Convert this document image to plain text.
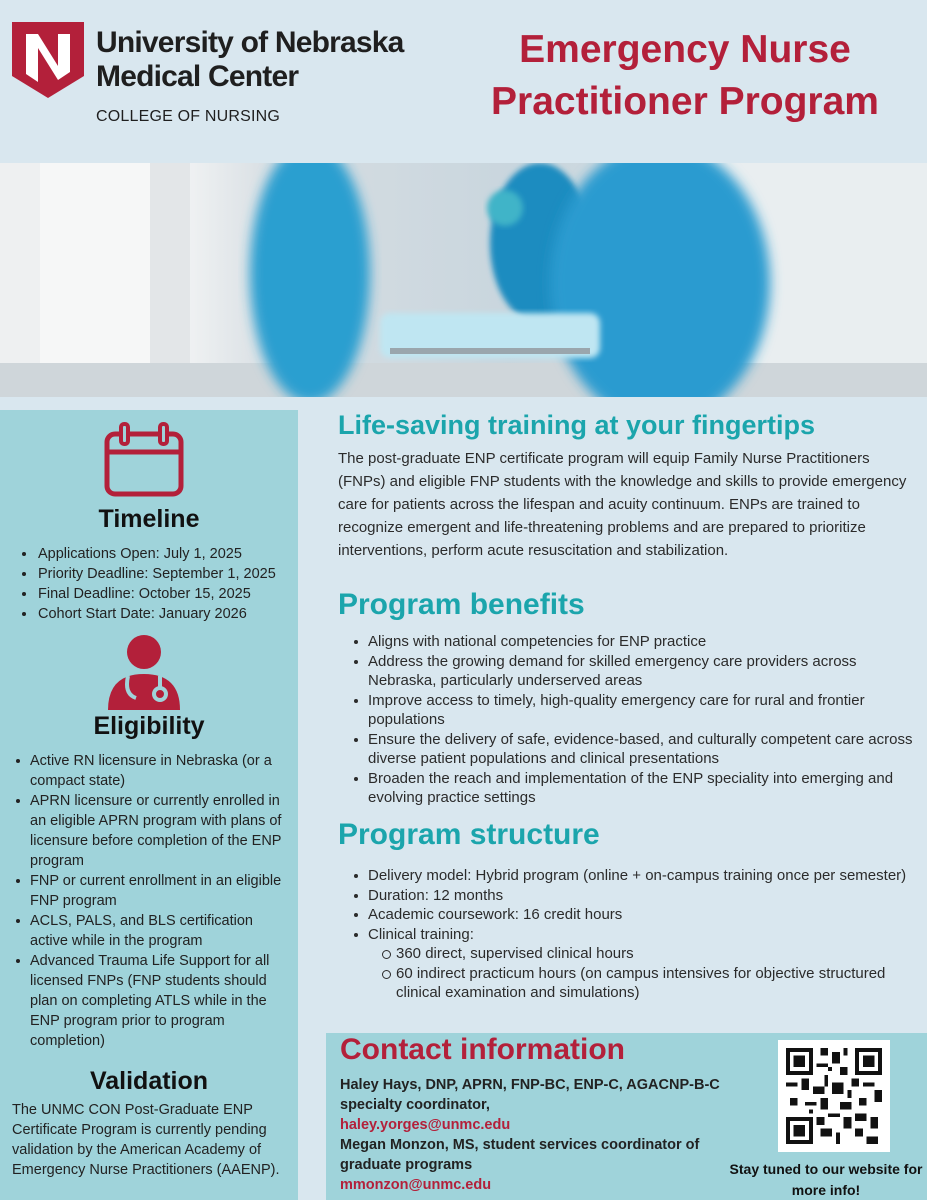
University of Nebraska
Medical Center
COLLEGE OF NURSING
Emergency Nurse Practitioner Program
Timeline
Applications Open: July 1, 2025
Priority Deadline: September 1, 2025
Final Deadline: October 15, 2025
Cohort Start Date: January 2026
Eligibility
Active RN licensure in Nebraska (or a compact state)
APRN licensure or currently enrolled in an eligible APRN program with plans of licensure before completion of the ENP program
FNP or current enrollment in an eligible FNP program
ACLS, PALS, and BLS certification active while in the program
Advanced Trauma Life Support for all licensed FNPs (FNP students should plan on completing ATLS while in the ENP program prior to program completion)
Validation

The UNMC CON Post-Graduate ENP Certificate Program is currently pending validation by the American Academy of Emergency Nurse Practitioners (AAENP).

Life-saving training at your fingertips

The post-graduate ENP certificate program will equip Family Nurse Practitioners (FNPs) and eligible FNP students with the knowledge and skills to provide emergency care for patients across the lifespan and acuity continuum. ENPs are trained to recognize emergent and life-threatening problems and are prepared to prioritize interventions, perform acute resuscitation and stabilization.

Program benefits
Aligns with national competencies for ENP practice
Address the growing demand for skilled emergency care providers across Nebraska, particularly underserved areas
Improve access to timely, high-quality emergency care for rural and frontier populations
Ensure the delivery of safe, evidence-based, and culturally competent care across diverse patient populations and clinical presentations
Broaden the reach and implementation of the ENP speciality into emerging and evolving practice settings
Program structure
Delivery model: Hybrid program (online + on-campus training once per semester)
Duration: 12 months
Academic coursework: 16 credit hours
Clinical training:
360 direct, supervised clinical hours
60 indirect practicum hours (on campus intensives for objective structured clinical examination and simulations)
Contact information
Haley Hays, DNP, APRN, FNP-BC, ENP-C, AGACNP-B-C specialty coordinator,
haley.yorges@unmc.edu
Megan Monzon, MS, student services coordinator of graduate programs
mmonzon@unmc.edu
Stay tuned to our website for more info!
